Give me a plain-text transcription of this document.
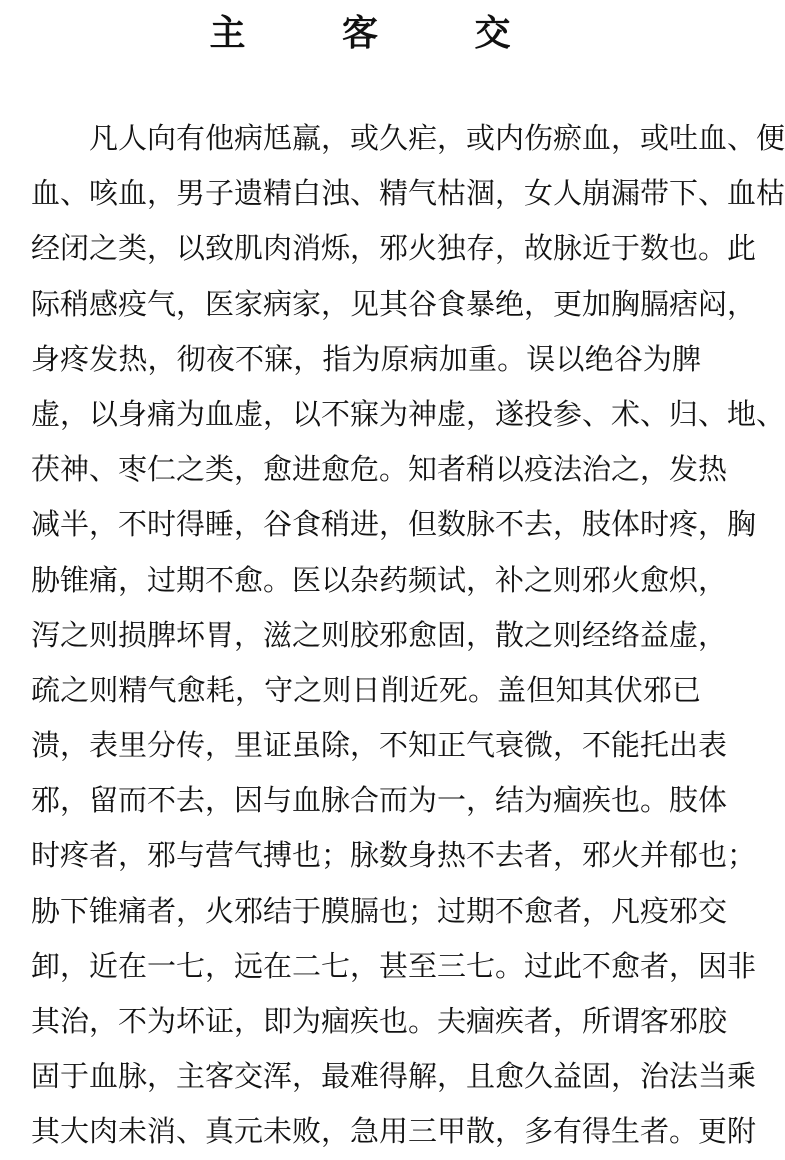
主 客 交
凡人向有他病尪羸，或久疟，或内伤瘀血，或吐血、便
血、咳血，男子遗精白浊、精气枯涸，女人崩漏带下、血枯
经闭之类，以致肌肉消烁，邪火独存，故脉近于数也。此
际稍感疫气，医家病家，见其谷食暴绝，更加胸膈痞闷，
身疼发热，彻夜不寐，指为原病加重。误以绝谷为脾
虚，以身痛为血虚，以不寐为神虚，遂投参、术、归、地、
茯神、枣仁之类，愈进愈危。知者稍以疫法治之，发热
减半，不时得睡，谷食稍进，但数脉不去，肢体时疼，胸
胁锥痛，过期不愈。医以杂药频试，补之则邪火愈炽，
泻之则损脾坏胃，滋之则胶邪愈固，散之则经络益虚，
疏之则精气愈耗，守之则日削近死。盖但知其伏邪已
溃，表里分传，里证虽除，不知正气衰微，不能托出表
邪，留而不去，因与血脉合而为一，结为痼疾也。肢体
时疼者，邪与营气搏也；脉数身热不去者，邪火并郁也；
胁下锥痛者，火邪结于膜膈也；过期不愈者，凡疫邪交
卸，近在一七，远在二七，甚至三七。过此不愈者，因非
其治，不为坏证，即为痼疾也。夫痼疾者，所谓客邪胶
固于血脉，主客交浑，最难得解，且愈久益固，治法当乘
其大肉未消、真元未败，急用三甲散，多有得生者。更附
